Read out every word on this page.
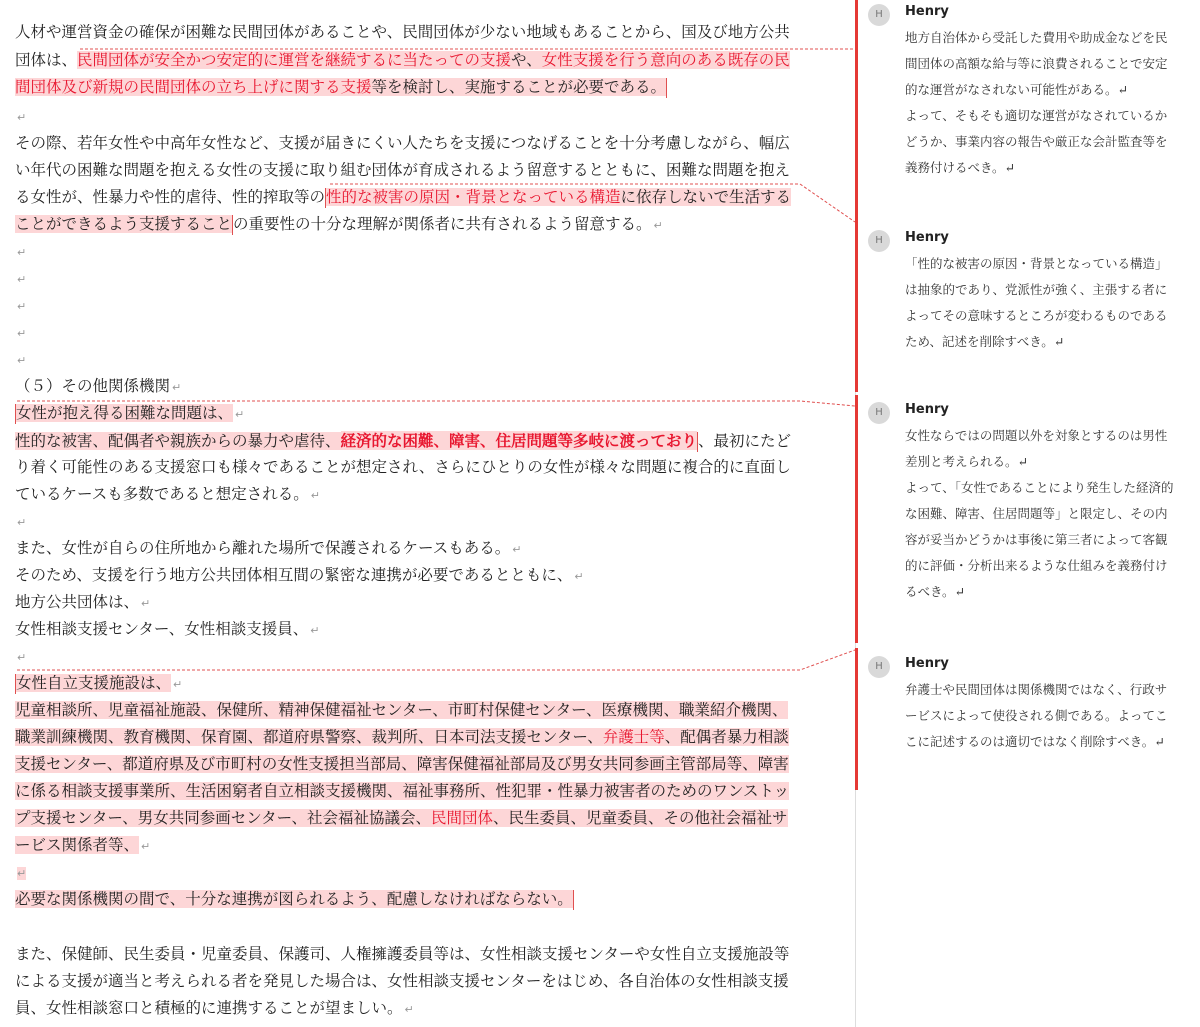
人材や運営資金の確保が困難な民間団体があることや、民間団体が少ない地域もあることから、国及び地方公共
団体は、民間団体が安全かつ安定的に運営を継続するに当たっての支援や、女性支援を行う意向のある既存の民
間団体及び新規の民間団体の立ち上げに関する支援等を検討し、実施することが必要である。
↵
その際、若年女性や中高年女性など、支援が届きにくい人たちを支援につなげることを十分考慮しながら、幅広
い年代の困難な問題を抱える女性の支援に取り組む団体が育成されるよう留意するとともに、困難な問題を抱え
る女性が、性暴力や性的虐待、性的搾取等の性的な被害の原因・背景となっている構造に依存しないで生活する
ことができるよう支援することの重要性の十分な理解が関係者に共有されるよう留意する。 ↵
↵
↵
↵
↵
↵
（５）その他関係機関 ↵
女性が抱え得る困難な問題は、 ↵
性的な被害、配偶者や親族からの暴力や虐待、経済的な困難、障害、住居問題等多岐に渡っており、最初にたど
り着く可能性のある支援窓口も様々であることが想定され、さらにひとりの女性が様々な問題に複合的に直面し
ているケースも多数であると想定される。 ↵
↵
また、女性が自らの住所地から離れた場所で保護されるケースもある。 ↵
そのため、支援を行う地方公共団体相互間の緊密な連携が必要であるとともに、 ↵
地方公共団体は、 ↵
女性相談支援センター、女性相談支援員、 ↵
↵
女性自立支援施設は、 ↵
児童相談所、児童福祉施設、保健所、精神保健福祉センター、市町村保健センター、医療機関、職業紹介機関、
職業訓練機関、教育機関、保育園、都道府県警察、裁判所、日本司法支援センター、弁護士等、配偶者暴力相談
支援センター、都道府県及び市町村の女性支援担当部局、障害保健福祉部局及び男女共同参画主管部局等、障害
に係る相談支援事業所、生活困窮者自立相談支援機関、福祉事務所、性犯罪・性暴力被害者のためのワンストッ
プ支援センター、男女共同参画センター、社会福祉協議会、民間団体、民生委員、児童委員、その他社会福祉サ
ービス関係者等、 ↵
↵
必要な関係機関の間で、十分な連携が図られるよう、配慮しなければならない。
また、保健師、民生委員・児童委員、保護司、人権擁護委員等は、女性相談支援センターや女性自立支援施設等
による支援が適当と考えられる者を発見した場合は、女性相談支援センターをはじめ、各自治体の女性相談支援
員、女性相談窓口と積極的に連携することが望ましい。 ↵
H	Henry
地方自治体から受託した費用や助成金などを民
間団体の高額な給与等に浪費されることで安定
的な運営がなされない可能性がある。↵
よって、そもそも適切な運営がなされているか
どうか、事業内容の報告や厳正な会計監査等を
義務付けるべき。↵
H	Henry
「性的な被害の原因・背景となっている構造」
は抽象的であり、党派性が強く、主張する者に
よってその意味するところが変わるものである
ため、記述を削除すべき。↵
H	Henry
女性ならではの問題以外を対象とするのは男性
差別と考えられる。↵
よって、「女性であることにより発生した経済的
な困難、障害、住居問題等」と限定し、その内
容が妥当かどうかは事後に第三者によって客観
的に評価・分析出来るような仕組みを義務付け
るべき。↵
H	Henry
弁護士や民間団体は関係機関ではなく、行政サ
ービスによって使役される側である。よってこ
こに記述するのは適切ではなく削除すべき。↵
